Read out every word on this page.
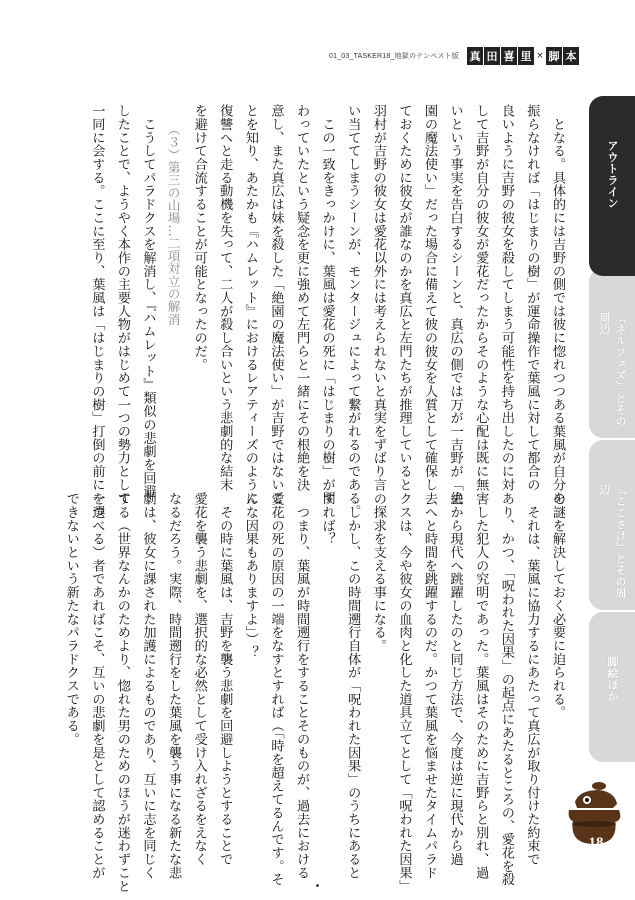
01_03_TASKER18_地獄のテンペスト版 真 田 喜 里 × 脚 本
　となる。具体的には吉野の側では彼に惚れつつある葉風が自分を
振らなければ「はじまりの樹」が運命操作で葉風に対して都合の
良いように吉野の彼女を殺してしまう可能性を持ち出したのに対
して吉野が自分の彼女が愛花だったからそのような心配は既に無
いという事実を告白するシーンと、真広の側では万が一吉野が「絶
園の魔法使い」だった場合に備えて彼の彼女を人質として確保し
ておくために彼女が誰なのかを真広と左門たちが推理していると
羽村が吉野の彼女は愛花以外には考えられないと真実をずばり言
い当ててしまうシーンが、モンタージュによって繋がれるのである。
　この一致をきっかけに、葉風は愛花の死に「はじまりの樹」が関
わっていたという疑念を更に強めて左門らと一緒にその根絶を決
意し、また真広は妹を殺した「絶園の魔法使い」が吉野ではないこ
とを知り、あたかも『ハムレット』におけるレアティーズのように
復讐へと走る動機を失って、二人が殺し合いという悲劇的な結末
を避けて合流することが可能となったのだ。
　　（３）第三の山場…二項対立の解消
　こうしてパラドクスを解消し、『ハムレット』類似の悲劇を回避
したことで、ようやく本作の主要人物がはじめて一つの勢力として
一同に会する。ここに至り、葉風は「はじまりの樹」打倒の前に一つ
の謎を解決しておく必要に迫られる。
　それは、葉風に協力するにあたって真広が取り付けた約束で
あり、かつ、「呪われた因果」の起点にあたるところの、愛花を殺
害した犯人の究明であった。葉風はそのために吉野らと別れ、過
去から現代へ跳躍したのと同じ方法で、今度は逆に現代から過
去へと時間を跳躍するのだ。かつて葉風を悩ませたタイムパラド
クスは、今や彼女の血肉と化した道具立てとして「呪われた因果」
の探求を支える事になる。
　しかし、この時間遡行自体が「呪われた因果」のうちにあると
すれば？
　つまり、葉風が時間遡行をすることそのものが、過去における
愛花の死の原因の一端をなすとすれば（「時を超えてるんです。そ
んな因果もありますよ」）？
　その時に葉風は、吉野を襲う悲劇を回避しようとすることで
愛花を襲う悲劇を、選択的な必然として受け入れざるをえなく
なるだろう。実際、時間遡行をした葉風を襲う事になる新たな悲
劇は、彼女に課された加護によるものであり、互いに志を同じく
する（世界なんかのためより、惚れた男のためのほうが迷わずこと
を選べる）者であればこそ、互いの悲劇を是として認めることが
できないという新たなパラドクスである。
『ネルフェズ』とその周辺
『ここさけ』とその周辺
脚絵ほか
アウトライン
18
